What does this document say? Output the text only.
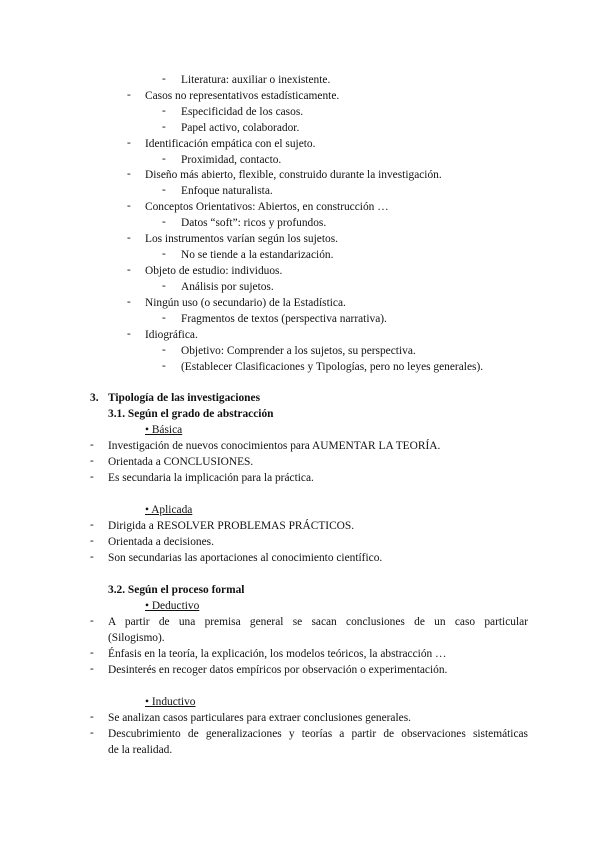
- Literatura: auxiliar o inexistente.
- Casos no representativos estadísticamente.
- Especificidad de los casos.
- Papel activo, colaborador.
- Identificación empática con el sujeto.
- Proximidad, contacto.
- Diseño más abierto, flexible, construido durante la investigación.
- Enfoque naturalista.
- Conceptos Orientativos: Abiertos, en construcción …
- Datos “soft”: ricos y profundos.
- Los instrumentos varían según los sujetos.
- No se tiende a la estandarización.
- Objeto de estudio: individuos.
- Análisis por sujetos.
- Ningún uso (o secundario) de la Estadística.
- Fragmentos de textos (perspectiva narrativa).
- Idiográfica.
- Objetivo: Comprender a los sujetos, su perspectiva.
- (Establecer Clasificaciones y Tipologías, pero no leyes generales).
3. Tipología de las investigaciones
3.1. Según el grado de abstracción
• Básica
- Investigación de nuevos conocimientos para AUMENTAR LA TEORÍA.
- Orientada a CONCLUSIONES.
- Es secundaria la implicación para la práctica.
• Aplicada
- Dirigida a RESOLVER PROBLEMAS PRÁCTICOS.
- Orientada a decisiones.
- Son secundarias las aportaciones al conocimiento científico.
3.2. Según el proceso formal
• Deductivo
- A partir de una premisa general se sacan conclusiones de un caso particular
(Silogismo).
- Énfasis en la teoría, la explicación, los modelos teóricos, la abstracción …
- Desinterés en recoger datos empíricos por observación o experimentación.
• Inductivo
- Se analizan casos particulares para extraer conclusiones generales.
- Descubrimiento de generalizaciones y teorías a partir de observaciones sistemáticas
de la realidad.
